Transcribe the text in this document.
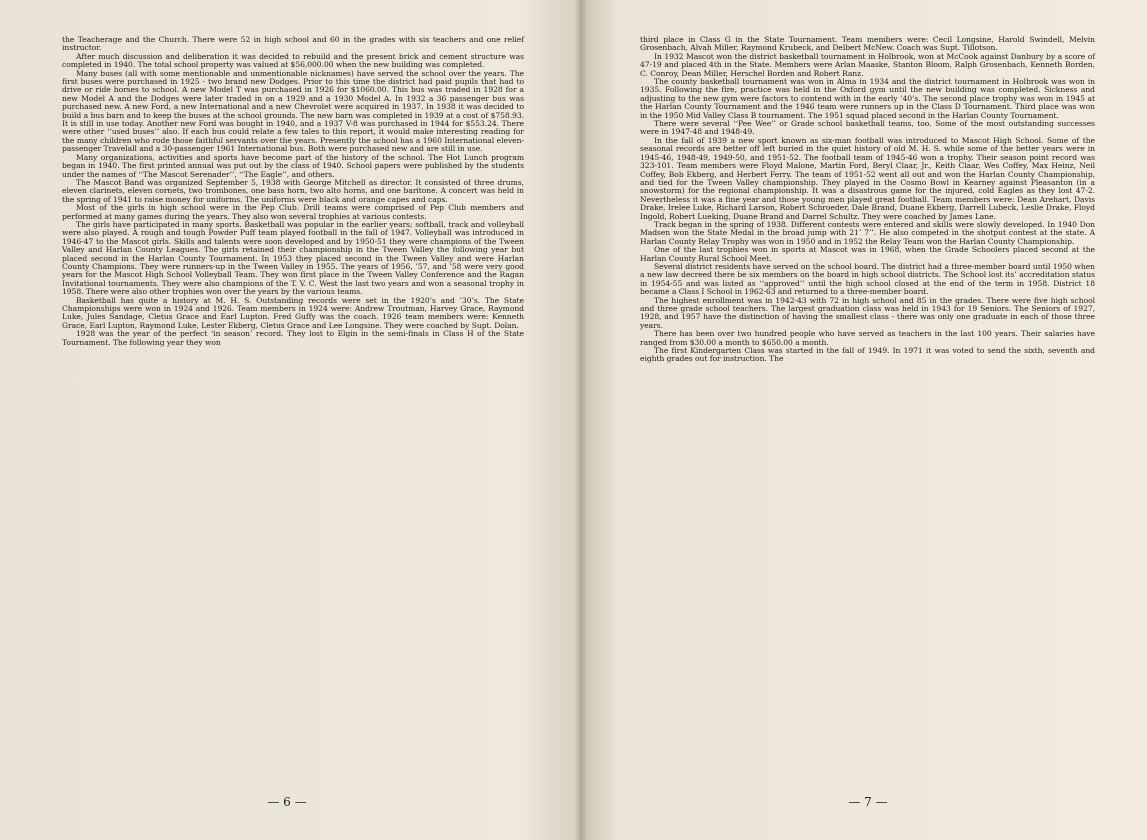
the Teacherage and the Church. There were 52 in high school and 60 in the grades with six teachers and one relief instructor.

After much discussion and deliberation it was decided to rebuild and the present brick and cement structure was completed in 1940. The total school property was valued at $56,000.00 when the new building was completed.

Many buses (all with some mentionable and unmentionable nicknames) have served the school over the years. The first buses were purchased in 1925 - two brand new Dodges. Prior to this time the district had paid pupils that had to drive or ride horses to school. A new Model T was purchased in 1926 for $1060.00. This bus was traded in 1928 for a new Model A and the Dodges were later traded in on a 1929 and a 1930 Model A. In 1932 a 36 passenger bus was purchased new. A new Ford, a new International and a new Chevrolet were acquired in 1937. In 1938 it was decided to build a bus barn and to keep the buses at the school grounds. The new barn was completed in 1939 at a cost of $758.93. It is still in use today. Another new Ford was bought in 1940, and a 1937 V-8 was purchased in 1944 for $553.24. There were other ‘‘used buses’’ also. If each bus could relate a few tales to this report, it would make interesting reading for the many children who rode those faithful servants over the years. Presently the school has a 1960 International eleven-passenger Travelall and a 30-passenger 1961 International bus. Both were purchased new and are still in use.

Many organizations, activities and sports have become part of the history of the school. The Hot Lunch program began in 1940. The first printed annual was put out by the class of 1940. School papers were published by the students under the names of ‘‘The Mascot Serenader’’, ‘‘The Eagle’’, and others.

The Mascot Band was organized September 5, 1938 with George Mitchell as director. It consisted of three drums, eleven clarinets, eleven cornets, two trombones, one bass horn, two alto horns, and one baritone. A concert was held in the spring of 1941 to raise money for uniforms. The uniforms were black and orange capes and caps.

Most of the girls in high school were in the Pep Club. Drill teams were comprised of Pep Club members and performed at many games during the years. They also won several trophies at various contests.

The girls have participated in many sports. Basketball was popular in the earlier years; softball, track and volleyball were also played. A rough and tough Powder Puff team played football in the fall of 1947. Volleyball was introduced in 1946-47 to the Mascot girls. Skills and talents were soon developed and by 1950-51 they were champions of the Tween Valley and Harlan County Leagues. The girls retained their championship in the Tween Valley the following year but placed second in the Harlan County Tournament. In 1953 they placed second in the Tween Valley and were Harlan County Champions. They were runners-up in the Tween Valley in 1955. The years of 1956, ’57, and ’58 were very good years for the Mascot High School Volleyball Team. They won first place in the Tween Valley Conference and the Ragan Invitational tournaments. They were also champions of the T. V. C. West the last two years and won a seasonal trophy in 1958. There were also other trophies won over the years by the various teams.

Basketball has quite a history at M. H. S. Outstanding records were set in the 1920’s and ’30’s. The State Championships were won in 1924 and 1926. Team members in 1924 were: Andrew Troutman, Harvey Grace, Raymond Luke, Jules Sandage, Cletus Grace and Earl Lupton. Fred Guffy was the coach. 1926 team members were: Kenneth Grace, Earl Lupton, Raymond Luke, Lester Ekberg, Cletus Grace and Lee Longsine. They were coached by Supt. Dolan.

1928 was the year of the perfect ‘in season’ record. They lost to Elgin in the semi-finals in Class H of the State Tournament. The following year they won

— 6 —

third place in Class G in the State Tournament. Team members were: Cecil Longsine, Harold Swindell, Melvin Grosenbach, Alvah Miller, Raymond Krubeck, and Delbert McNew. Coach was Supt. Tillotson.

In 1932 Mascot won the district basketball tournament in Holbrook, won at McCook against Danbury by a score of 47-19 and placed 4th in the State. Members were Arlan Maaske, Stanton Bloom, Ralph Grosenbach, Kenneth Borden, C. Conroy, Dean Miller, Herschel Borden and Robert Ranz.

The county basketball tournament was won in Alma in 1934 and the district tournament in Holbrook was won in 1935. Following the fire, practice was held in the Oxford gym until the new building was completed. Sickness and adjusting to the new gym were factors to contend with in the early ’40’s. The second place trophy was won in 1945 at the Harlan County Tournament and the 1946 team were runners up in the Class D Tournament. Third place was won in the 1950 Mid Valley Class B tournament. The 1951 squad placed second in the Harlan County Tournament.

There were several ‘‘Pee Wee’’ or Grade school basketball teams, too. Some of the most outstanding successes were in 1947-48 and 1948-49.

In the fall of 1939 a new sport known as six-man football was introduced to Mascot High School. Some of the seasonal records are better off left buried in the quiet history of old M. H. S. while some of the better years were in 1945-46, 1948-49, 1949-50, and 1951-52. The football team of 1945-46 won a trophy. Their season point record was 323-101. Team members were Floyd Malone, Martin Ford, Beryl Claar, Jr., Keith Claar, Wes Coffey, Max Heinz, Neil Coffey, Bob Ekberg, and Herbert Ferry. The team of 1951-52 went all out and won the Harlan County Championship, and tied for the Tween Valley championship. They played in the Cosmo Bowl in Kearney against Pleasanton (in a snowstorm) for the regional championship. It was a disastrous game for the injured, cold Eagles as they lost 47-2. Nevertheless it was a fine year and those young men played great football. Team members were: Dean Arehart, Davis Drake, Irelee Luke, Richard Larson, Robert Schroeder, Dale Brand, Duane Ekberg, Darrell Lubeck, Leslie Drake, Floyd Ingold, Robert Lueking, Duane Brand and Darrel Schultz. They were coached by James Lane.

Track began in the spring of 1938. Different contests were entered and skills were slowly developed. In 1940 Don Madsen won the State Medal in the broad jump with 21’ 7’’. He also competed in the shotput contest at the state. A Harlan County Relay Trophy was won in 1950 and in 1952 the Relay Team won the Harlan County Championship.

One of the last trophies won in sports at Mascot was in 1968, when the Grade Schoolers placed second at the Harlan County Rural School Meet.

Several district residents have served on the school board. The district had a three-member board until 1950 when a new law decreed there be six members on the board in high school districts. The School lost its’ accreditation status in 1954-55 and was listed as ‘‘approved’’ until the high school closed at the end of the term in 1958. District 18 became a Class I School in 1962-63 and returned to a three-member board.

The highest enrollment was in 1942-43 with 72 in high school and 85 in the grades. There were five high school and three grade school teachers. The largest graduation class was held in 1943 for 19 Seniors. The Seniors of 1927, 1928, and 1957 have the distinction of having the smallest class - there was only one graduate in each of those three years.

There has been over two hundred people who have served as teachers in the last 100 years. Their salaries have ranged from $30.00 a month to $650.00 a month.

The first Kindergarten Class was started in the fall of 1949. In 1971 it was voted to send the sixth, seventh and eighth grades out for instruction. The

— 7 —
